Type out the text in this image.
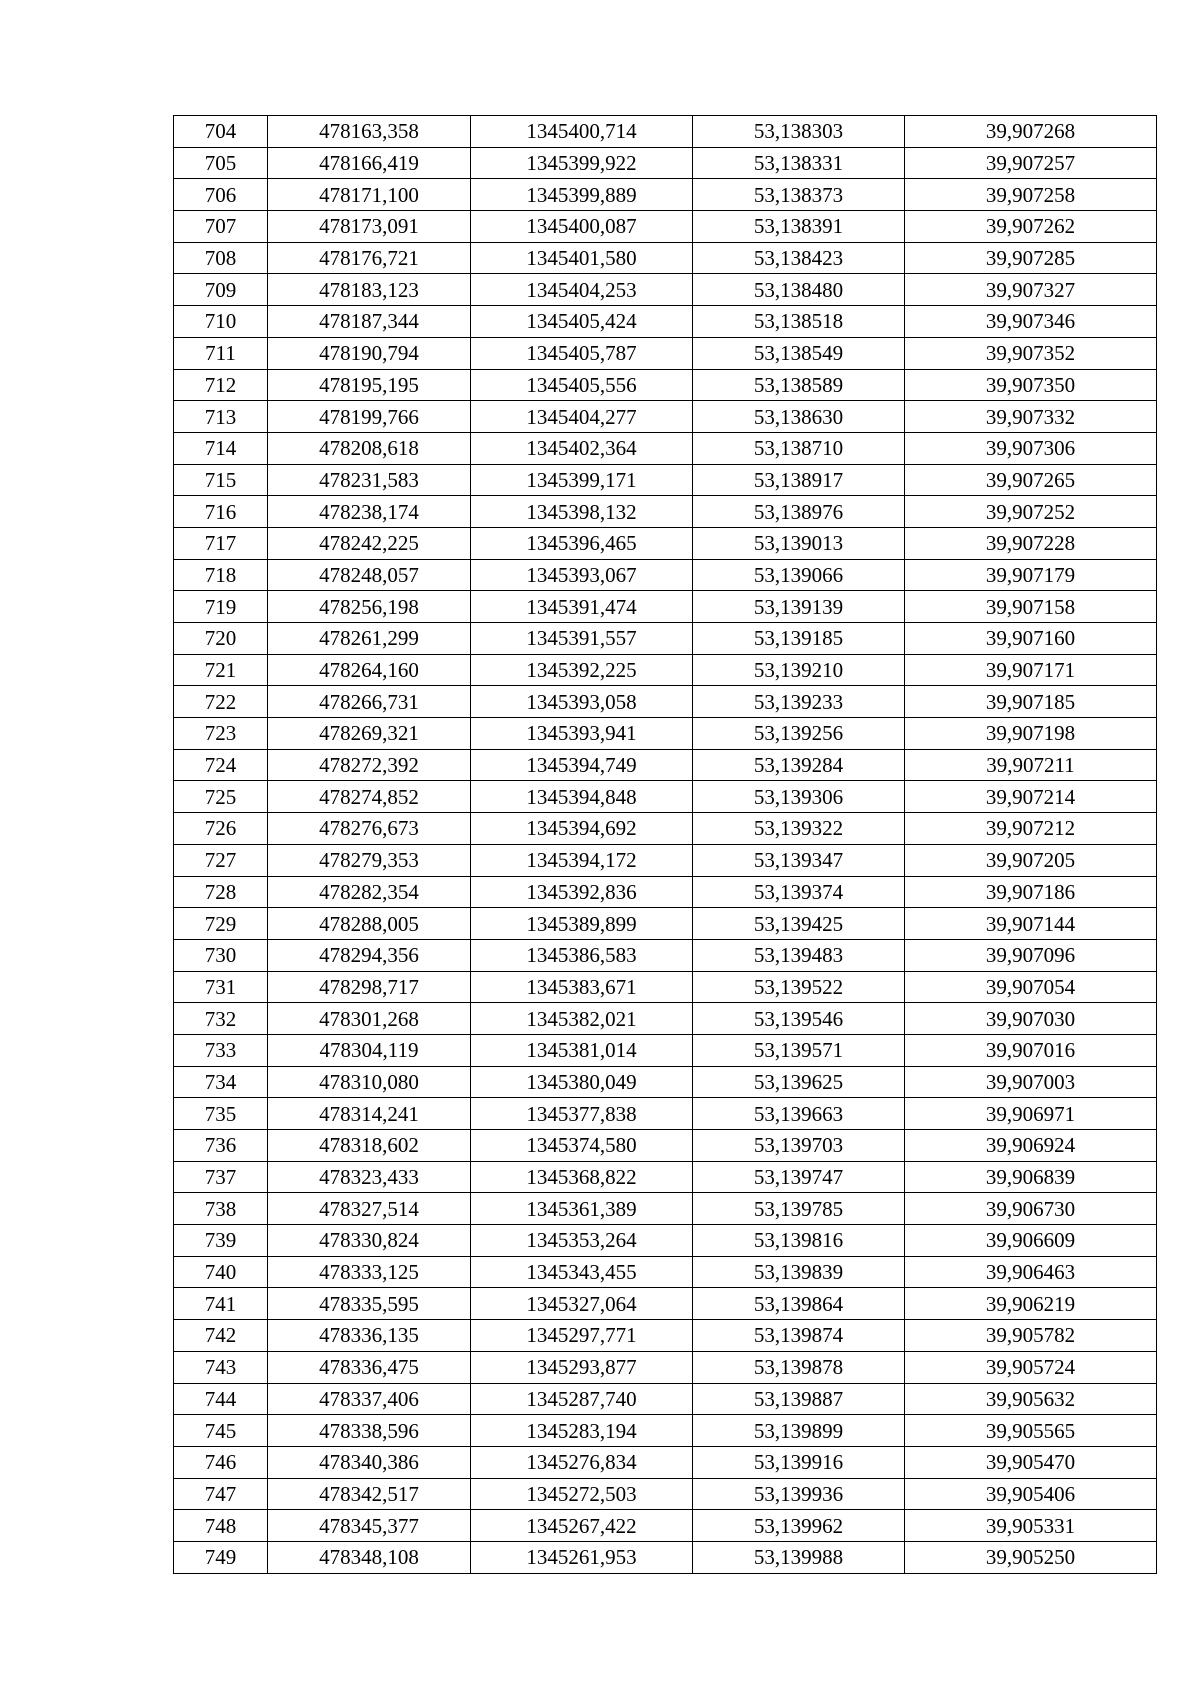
704	478163,358	1345400,714	53,138303	39,907268
705	478166,419	1345399,922	53,138331	39,907257
706	478171,100	1345399,889	53,138373	39,907258
707	478173,091	1345400,087	53,138391	39,907262
708	478176,721	1345401,580	53,138423	39,907285
709	478183,123	1345404,253	53,138480	39,907327
710	478187,344	1345405,424	53,138518	39,907346
711	478190,794	1345405,787	53,138549	39,907352
712	478195,195	1345405,556	53,138589	39,907350
713	478199,766	1345404,277	53,138630	39,907332
714	478208,618	1345402,364	53,138710	39,907306
715	478231,583	1345399,171	53,138917	39,907265
716	478238,174	1345398,132	53,138976	39,907252
717	478242,225	1345396,465	53,139013	39,907228
718	478248,057	1345393,067	53,139066	39,907179
719	478256,198	1345391,474	53,139139	39,907158
720	478261,299	1345391,557	53,139185	39,907160
721	478264,160	1345392,225	53,139210	39,907171
722	478266,731	1345393,058	53,139233	39,907185
723	478269,321	1345393,941	53,139256	39,907198
724	478272,392	1345394,749	53,139284	39,907211
725	478274,852	1345394,848	53,139306	39,907214
726	478276,673	1345394,692	53,139322	39,907212
727	478279,353	1345394,172	53,139347	39,907205
728	478282,354	1345392,836	53,139374	39,907186
729	478288,005	1345389,899	53,139425	39,907144
730	478294,356	1345386,583	53,139483	39,907096
731	478298,717	1345383,671	53,139522	39,907054
732	478301,268	1345382,021	53,139546	39,907030
733	478304,119	1345381,014	53,139571	39,907016
734	478310,080	1345380,049	53,139625	39,907003
735	478314,241	1345377,838	53,139663	39,906971
736	478318,602	1345374,580	53,139703	39,906924
737	478323,433	1345368,822	53,139747	39,906839
738	478327,514	1345361,389	53,139785	39,906730
739	478330,824	1345353,264	53,139816	39,906609
740	478333,125	1345343,455	53,139839	39,906463
741	478335,595	1345327,064	53,139864	39,906219
742	478336,135	1345297,771	53,139874	39,905782
743	478336,475	1345293,877	53,139878	39,905724
744	478337,406	1345287,740	53,139887	39,905632
745	478338,596	1345283,194	53,139899	39,905565
746	478340,386	1345276,834	53,139916	39,905470
747	478342,517	1345272,503	53,139936	39,905406
748	478345,377	1345267,422	53,139962	39,905331
749	478348,108	1345261,953	53,139988	39,905250
